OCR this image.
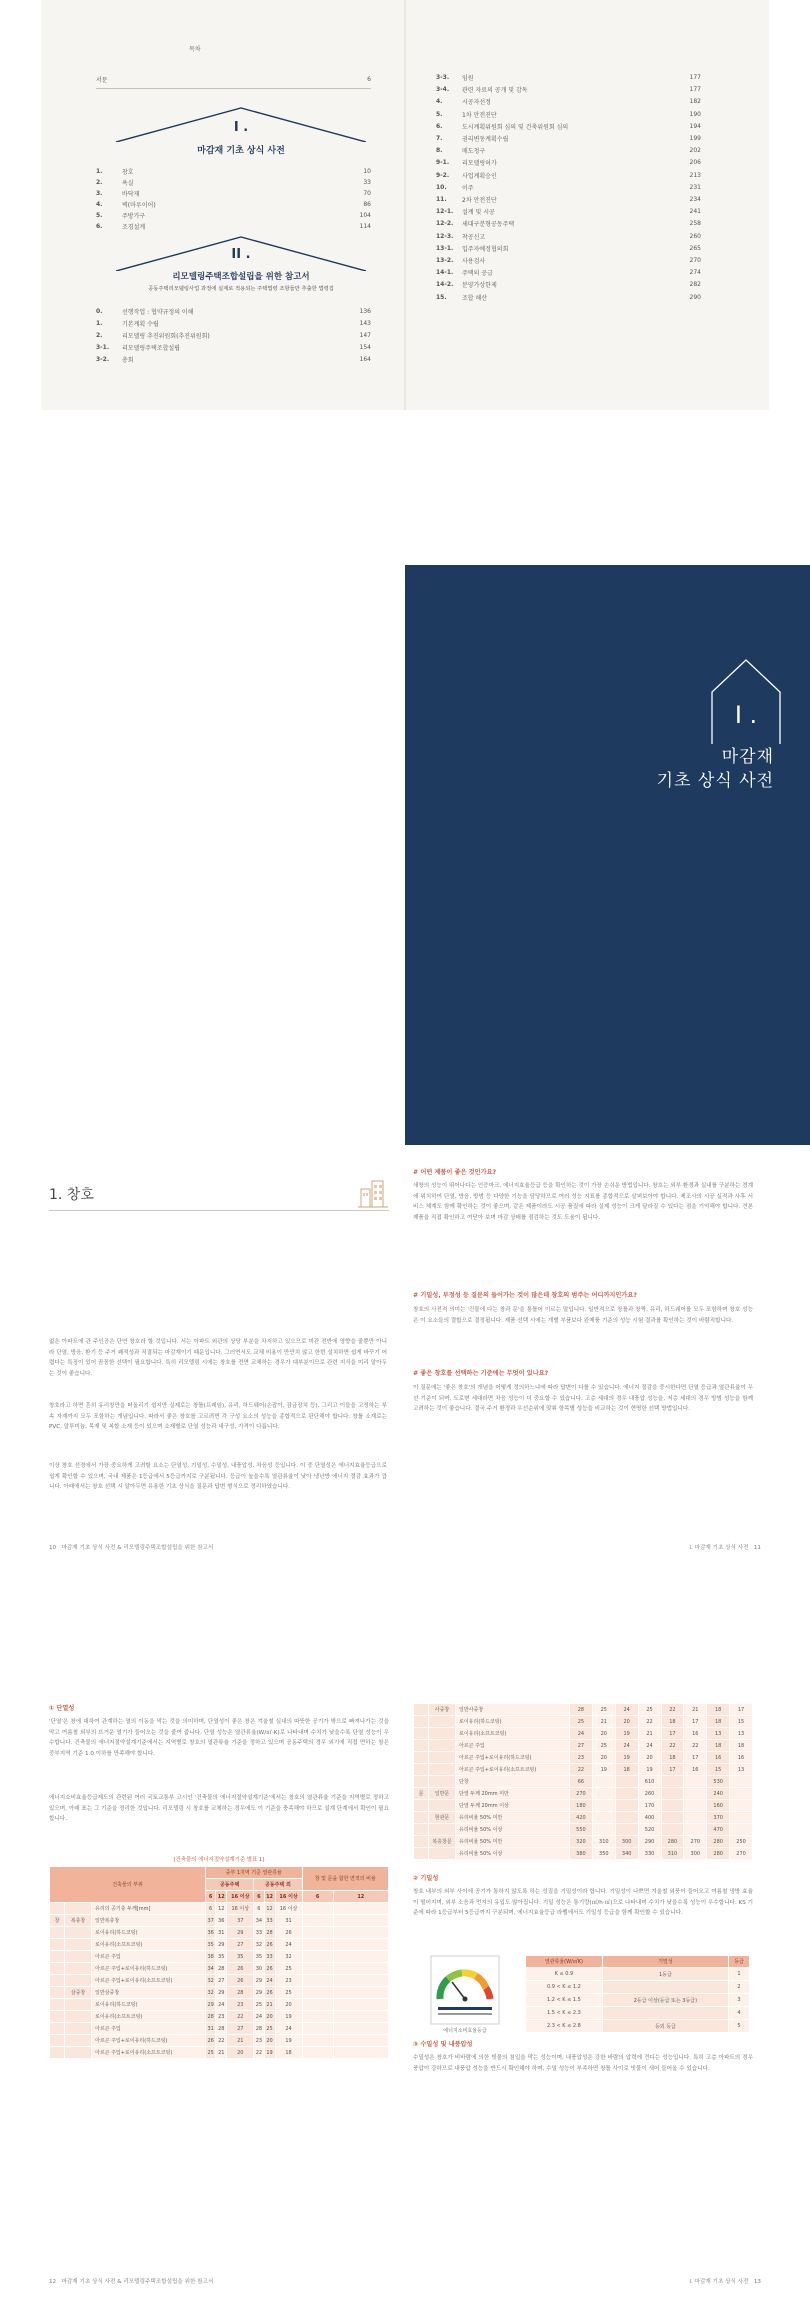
목차
서문	6
I .
마감재 기초 상식 사전
1.	창호	10
2.	욕실	33
3.	바닥재	70
4.	벽(마루이어)	86
5.	주방가구	104
6.	조경설계	114
II .
리모델링주택조합설립을 위한 참고서
공동주택리모델링사업 과정에 실제로 적용되는 주택법령 조항들만 추출한 법령집
0.	선행작업 : 협약규정의 이해	136
1.	기본계획 수립	143
2.	리모델링 추진위원회(추진위원회)	147
3-1.	리모델링주택조합설립	154
3-2.	총회	164
3-3.	임원	177
3-4.	관련 자료의 공개 및 감독	177
4.	시공자선정	182
5.	1차 안전진단	190
6.	도시계획위원회 심의 및 건축위원회 심의	194
7.	권리변동계획수립	199
8.	매도청구	202
9-1.	리모델링허가	206
9-2.	사업계획승인	213
10.	이주	231
11.	2차 안전진단	234
12-1.	설계 및 시공	241
12-2.	세대구분형공동주택	258
12-3.	착공신고	260
13-1.	입주자예정협의회	265
13-2.	사용검사	270
14-1.	주택의 공급	274
14-2.	분양가상한제	282
15.	조합 해산	290
I .
마감재
기초 상식 사전
1. 창호
없은 아파트에 관 주인공은 단연 창호라 할 것입니다. 서는 아파트 외관의 상당 부분을 차지하고 있으므로 미관 전반에 영향을 줄뿐만 아니라 단열, 방음, 환기 등 주거 쾌적성과 직결되는 마감재이기 때문입니다. 그러면서도 교체 비용이 만만치 않고 한번 설치하면 쉽게 바꾸기 어렵다는 특징이 있어 꼼꼼한 선택이 필요합니다. 특히 리모델링 시에는 창호를 전면 교체하는 경우가 대부분이므로 관련 지식을 미리 알아두는 것이 좋습니다.
창호라고 하면 흔히 유리창만을 떠올리기 쉽지만 실제로는 창틀(프레임), 유리, 하드웨어(손잡이, 잠금장치 등), 그리고 이들을 고정하는 부속 자재까지 모두 포함하는 개념입니다. 따라서 좋은 창호를 고르려면 각 구성 요소의 성능을 종합적으로 판단해야 합니다. 창틀 소재로는 PVC, 알루미늄, 목재 및 복합 소재 등이 있으며 소재별로 단열 성능과 내구성, 가격이 다릅니다.
이상 창호 선정에서 가장 중요하게 고려할 요소는 단열성, 기밀성, 수밀성, 내풍압성, 차음성 등입니다. 이 중 단열성은 에너지효율등급으로 쉽게 확인할 수 있으며, 국내 제품은 1등급에서 5등급까지로 구분됩니다. 등급이 높을수록 열관류율이 낮아 냉난방 에너지 절감 효과가 큽니다. 아래에서는 창호 선택 시 알아두면 유용한 기초 상식을 질문과 답변 형식으로 정리하였습니다.
10 마감재 기초 상식 사전 & 리모델링주택조합설립을 위한 참고서
# 어떤 제품이 좋은 것인가요?
새창의 성능이 뛰어나다는 인증마크, 에너지효율등급 등을 확인하는 것이 가장 손쉬운 방법입니다. 창호는 외부 환경과 실내를 구분하는 경계에 위치하여 단열, 방음, 방범 등 다양한 기능을 담당하므로 여러 성능 지표를 종합적으로 살펴보아야 합니다. 제조사의 시공 실적과 사후 서비스 체계도 함께 확인하는 것이 좋으며, 같은 제품이라도 시공 품질에 따라 실제 성능이 크게 달라질 수 있다는 점을 기억해야 합니다. 견본 제품을 직접 확인하고 여닫아 보며 마감 상태를 점검하는 것도 도움이 됩니다.
# 기밀성, 부정성 등 질문의 들어가는 것이 많은데 창호의 범주는 어디까지인가요?
창호의 사전적 의미는 '건물에 다는 창과 문'을 통틀어 이르는 말입니다. 일반적으로 창틀과 창짝, 유리, 하드웨어를 모두 포함하며 창호 성능은 이 요소들의 결합으로 결정됩니다. 제품 선택 시에는 개별 부품보다 완제품 기준의 성능 시험 결과를 확인하는 것이 바람직합니다.
# 좋은 창호를 선택하는 기준에는 무엇이 있나요?
이 질문에는 '좋은 창호'의 개념을 어떻게 정의하느냐에 따라 답변이 다를 수 있습니다. 에너지 절감을 중시한다면 단열 등급과 열관류율이 우선 기준이 되며, 도로변 세대라면 차음 성능이 더 중요할 수 있습니다. 고층 세대의 경우 내풍압 성능을, 저층 세대의 경우 방범 성능을 함께 고려하는 것이 좋습니다. 결국 주거 환경과 우선순위에 맞춰 항목별 성능을 비교하는 것이 현명한 선택 방법입니다.
I. 마감재 기초 상식 사전 11
① 단열성
'단열'은 창에 대하여 관계하는 열의 이동을 막는 것을 의미하며, 단열성이 좋은 창은 겨울철 실내의 따뜻한 공기가 밖으로 빠져나가는 것을 막고 여름철 외부의 뜨거운 열기가 들어오는 것을 줄여 줍니다. 단열 성능은 열관류율(W/㎡·K)로 나타내며 수치가 낮을수록 단열 성능이 우수합니다. 건축물의 에너지절약설계기준에서는 지역별로 창호의 열관류율 기준을 정하고 있으며 공동주택의 경우 외기에 직접 면하는 창은 중부지역 기준 1.0 이하를 만족해야 합니다.
에너지소비효율등급제도의 관련된 여러 국토교통부 고시인 '건축물의 에너지절약설계기준'에서는 창호의 열관류율 기준을 지역별로 정하고 있으며, 아래 표는 그 기준을 정리한 것입니다. 리모델링 시 창호를 교체하는 경우에도 이 기준을 충족해야 하므로 설계 단계에서 확인이 필요합니다.
[건축물의 에너지절약설계기준 별표 1]
건축물의 부위			중부 1지역 기준 열관류율						창 및 문을 합한 면적의 비율	
			공동주택			공동주택 외				
			6	12	16 이상	6	12	16 이상	6	12
		유리의 공기층 두께[mm]	6	12	16 이상	6	12	16 이상		
창	복층창	일반복층창	37	36	37	34	33	31		
		로이유리(하드코팅)	36	31	29	33	28	26		
		로이유리(소프트코팅)	35	29	27	32	26	24		
		아르곤 주입	38	35	35	35	33	32		
		아르곤 주입+로이유리(하드코팅)	34	28	26	30	26	25		
		아르곤 주입+로이유리(소프트코팅)	32	27	26	29	24	23		
	삼중창	일반삼중창	32	29	28	29	26	25		
		로이유리(하드코팅)	29	24	23	25	21	20		
		로이유리(소프트코팅)	28	23	22	24	20	19		
		아르곤 주입	31	28	27	28	25	24		
		아르곤 주입+로이유리(하드코팅)	26	22	21	23	20	19		
		아르곤 주입+로이유리(소프트코팅)	25	21	20	22	19	18		
12 마감재 기초 상식 사전 & 리모델링주택조합설립을 위한 참고서
	사중창	일반사중창	28	25	24	25	22	21	18	17
		로이유리(하드코팅)	25	21	20	22	18	17	18	15
		로이유리(소프트코팅)	24	20	19	21	17	16	13	13
		아르곤 주입	27	25	24	24	22	22	18	18
		아르곤 주입+로이유리(하드코팅)	23	20	19	20	18	17	16	16
		아르곤 주입+로이유리(소프트코팅)	22	19	18	19	17	16	15	13
		단창	66			610			530	
문	일반문	단열 두께 20mm 미만	270			260			240	
		단열 두께 20mm 이상	180			170			160	
	현관문	유리비율 50% 미만	420			400			370	
		유리비율 50% 이상	550			520			470	
	복층창문	유리비율 50% 미만	320	310	300	290	280	270	280	250
		유리비율 50% 이상	380	350	340	330	310	300	280	270
② 기밀성
창호 내부의 외부 사이에 공기가 통하지 않도록 하는 성질을 기밀성이라 합니다. 기밀성이 나쁘면 겨울철 외풍이 들어오고 여름철 냉방 효율이 떨어지며, 외부 소음과 먼지의 유입도 많아집니다. 기밀 성능은 통기량(㎥/h·㎡)으로 나타내며 수치가 낮을수록 성능이 우수합니다. KS 기준에 따라 1등급부터 5등급까지 구분되며, 에너지효율등급 라벨에서도 기밀성 등급을 함께 확인할 수 있습니다.
에너지소비효율등급
열관류율(W/㎡K)	기밀성	등급
K ≤ 0.9	1등급	1
0.9 < K ≤ 1.2		2
1.2 < K ≤ 1.5	2등급 이상(등급 또는 3등급)	3
1.5 < K ≤ 2.3		4
2.3 < K ≤ 2.8	등외 등급	5
③ 수밀성 및 내풍압성
수밀성은 창호가 비바람에 의한 빗물의 침입을 막는 성능이며, 내풍압성은 강한 바람의 압력에 견디는 성능입니다. 특히 고층 아파트의 경우 풍압이 강하므로 내풍압 성능을 반드시 확인해야 하며, 수밀 성능이 부족하면 창틀 사이로 빗물이 새어 들어올 수 있습니다.
I. 마감재 기초 상식 사전 13
